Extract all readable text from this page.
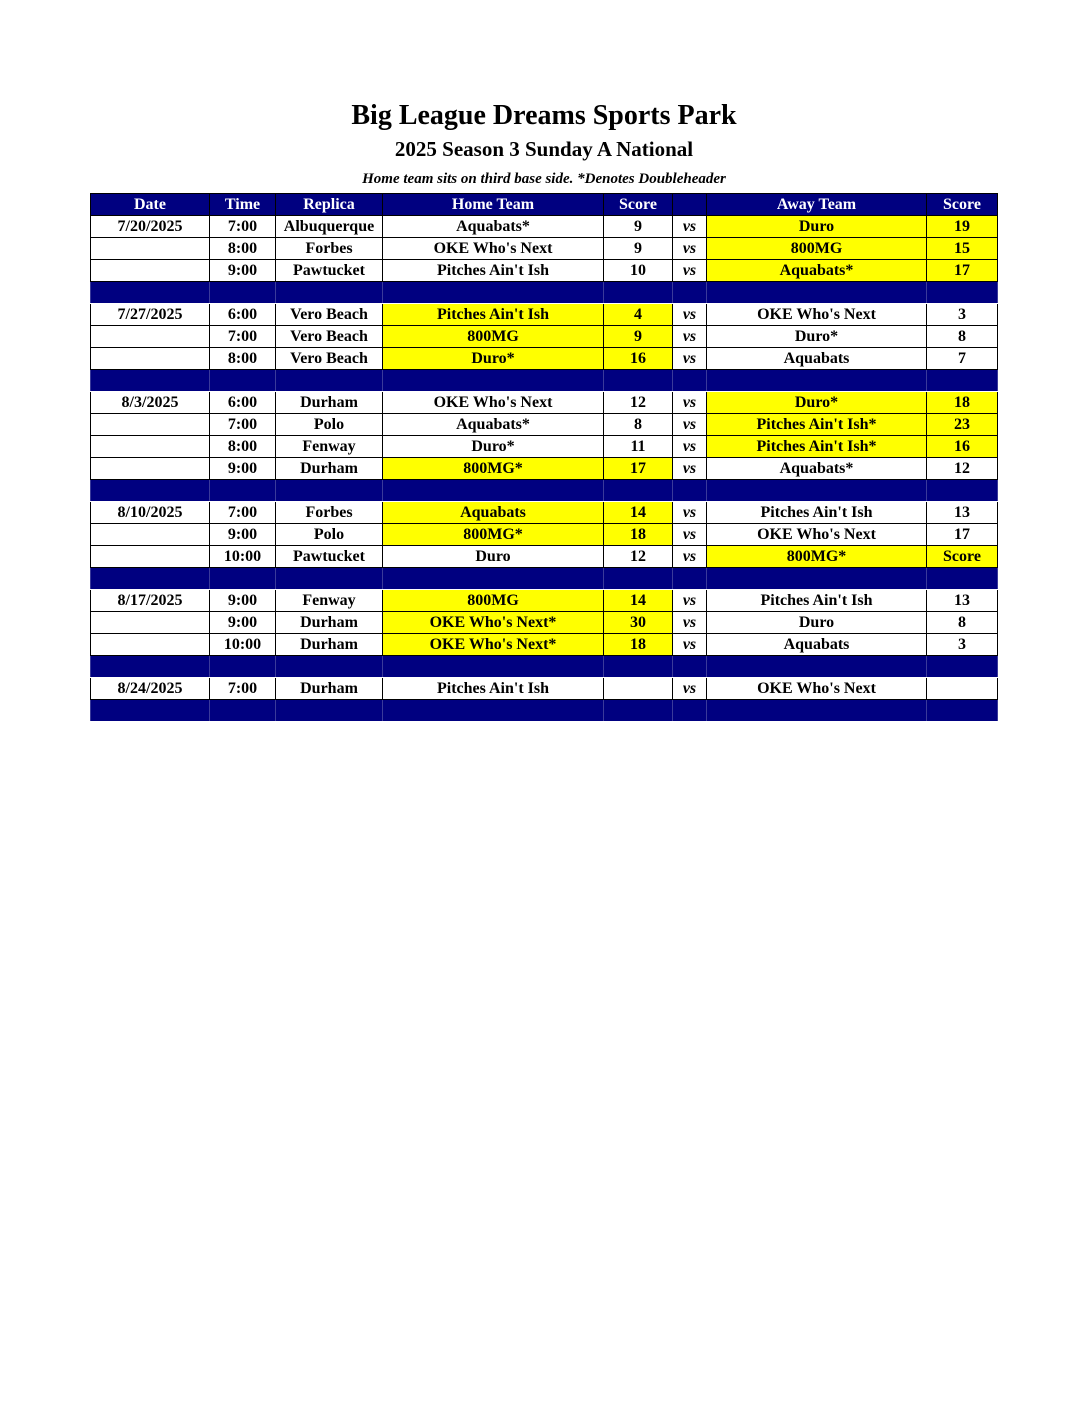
Big League Dreams Sports Park
2025 Season 3 Sunday A National
Home team sits on third base side. *Denotes Doubleheader
Date	Time	Replica	Home Team	Score		Away Team	Score
7/20/2025	7:00	Albuquerque	Aquabats*	9	vs	Duro	19
	8:00	Forbes	OKE Who's Next	9	vs	800MG	15
	9:00	Pawtucket	Pitches Ain't Ish	10	vs	Aquabats*	17

7/27/2025	6:00	Vero Beach	Pitches Ain't Ish	4	vs	OKE Who's Next	3
	7:00	Vero Beach	800MG	9	vs	Duro*	8
	8:00	Vero Beach	Duro*	16	vs	Aquabats	7

8/3/2025	6:00	Durham	OKE Who's Next	12	vs	Duro*	18
	7:00	Polo	Aquabats*	8	vs	Pitches Ain't Ish*	23
	8:00	Fenway	Duro*	11	vs	Pitches Ain't Ish*	16
	9:00	Durham	800MG*	17	vs	Aquabats*	12

8/10/2025	7:00	Forbes	Aquabats	14	vs	Pitches Ain't Ish	13
	9:00	Polo	800MG*	18	vs	OKE Who's Next	17
	10:00	Pawtucket	Duro	12	vs	800MG*	Score

8/17/2025	9:00	Fenway	800MG	14	vs	Pitches Ain't Ish	13
	9:00	Durham	OKE Who's Next*	30	vs	Duro	8
	10:00	Durham	OKE Who's Next*	18	vs	Aquabats	3

8/24/2025	7:00	Durham	Pitches Ain't Ish		vs	OKE Who's Next	
